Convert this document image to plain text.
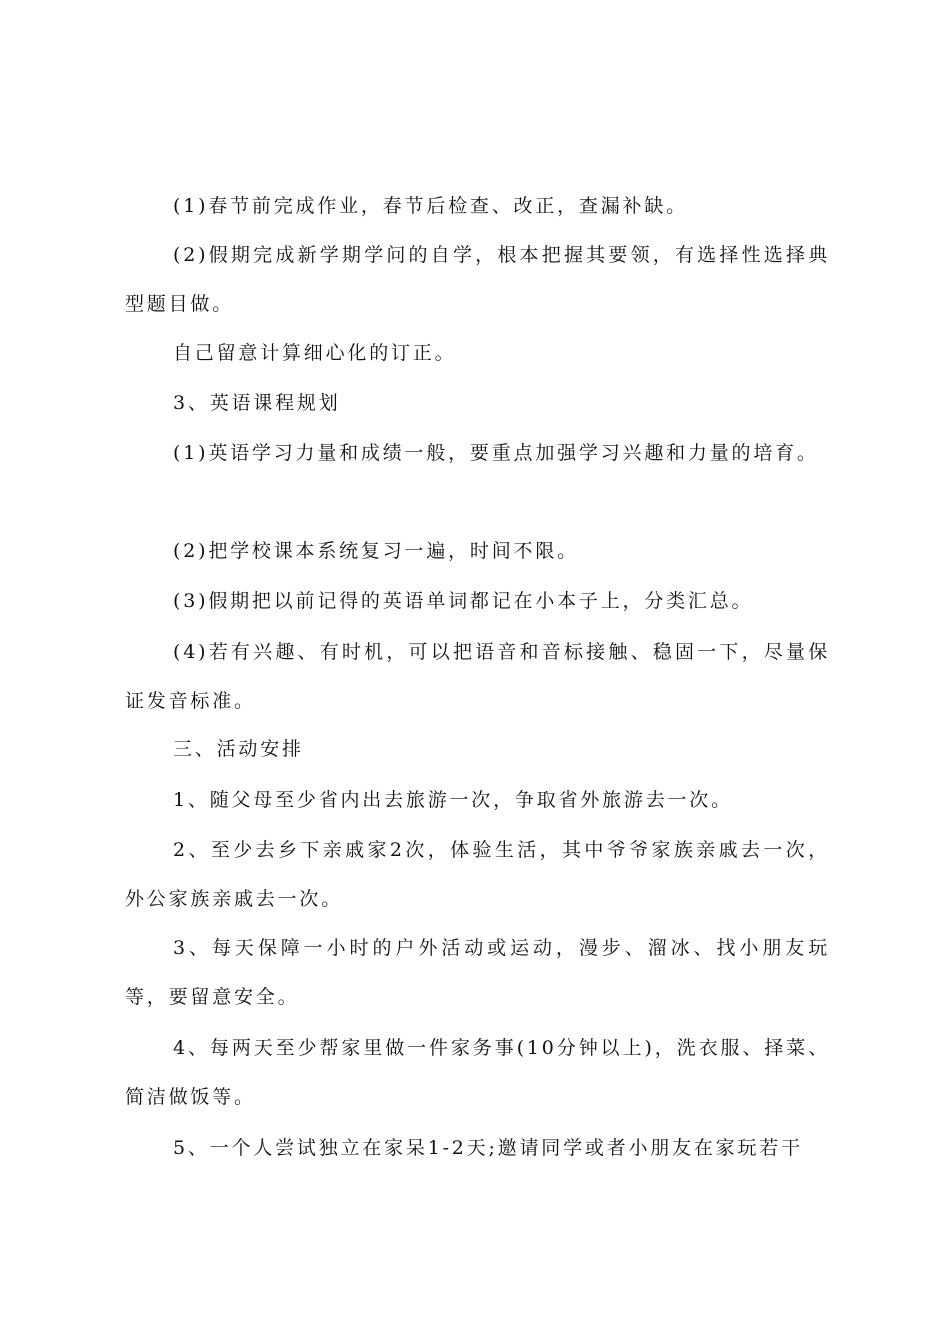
(1)春节前完成作业，春节后检查、改正，查漏补缺。

(2)假期完成新学期学问的自学，根本把握其要领，有选择性选择典型题目做。

自己留意计算细心化的订正。

3、英语课程规划

(1)英语学习力量和成绩一般，要重点加强学习兴趣和力量的培育。

(2)把学校课本系统复习一遍，时间不限。

(3)假期把以前记得的英语单词都记在小本子上，分类汇总。

(4)若有兴趣、有时机，可以把语音和音标接触、稳固一下，尽量保证发音标准。

三、活动安排

1、随父母至少省内出去旅游一次，争取省外旅游去一次。

2、至少去乡下亲戚家2次，体验生活，其中爷爷家族亲戚去一次，外公家族亲戚去一次。

3、每天保障一小时的户外活动或运动，漫步、溜冰、找小朋友玩等，要留意安全。

4、每两天至少帮家里做一件家务事(10分钟以上)，洗衣服、择菜、简洁做饭等。

5、一个人尝试独立在家呆1-2天;邀请同学或者小朋友在家玩若干
